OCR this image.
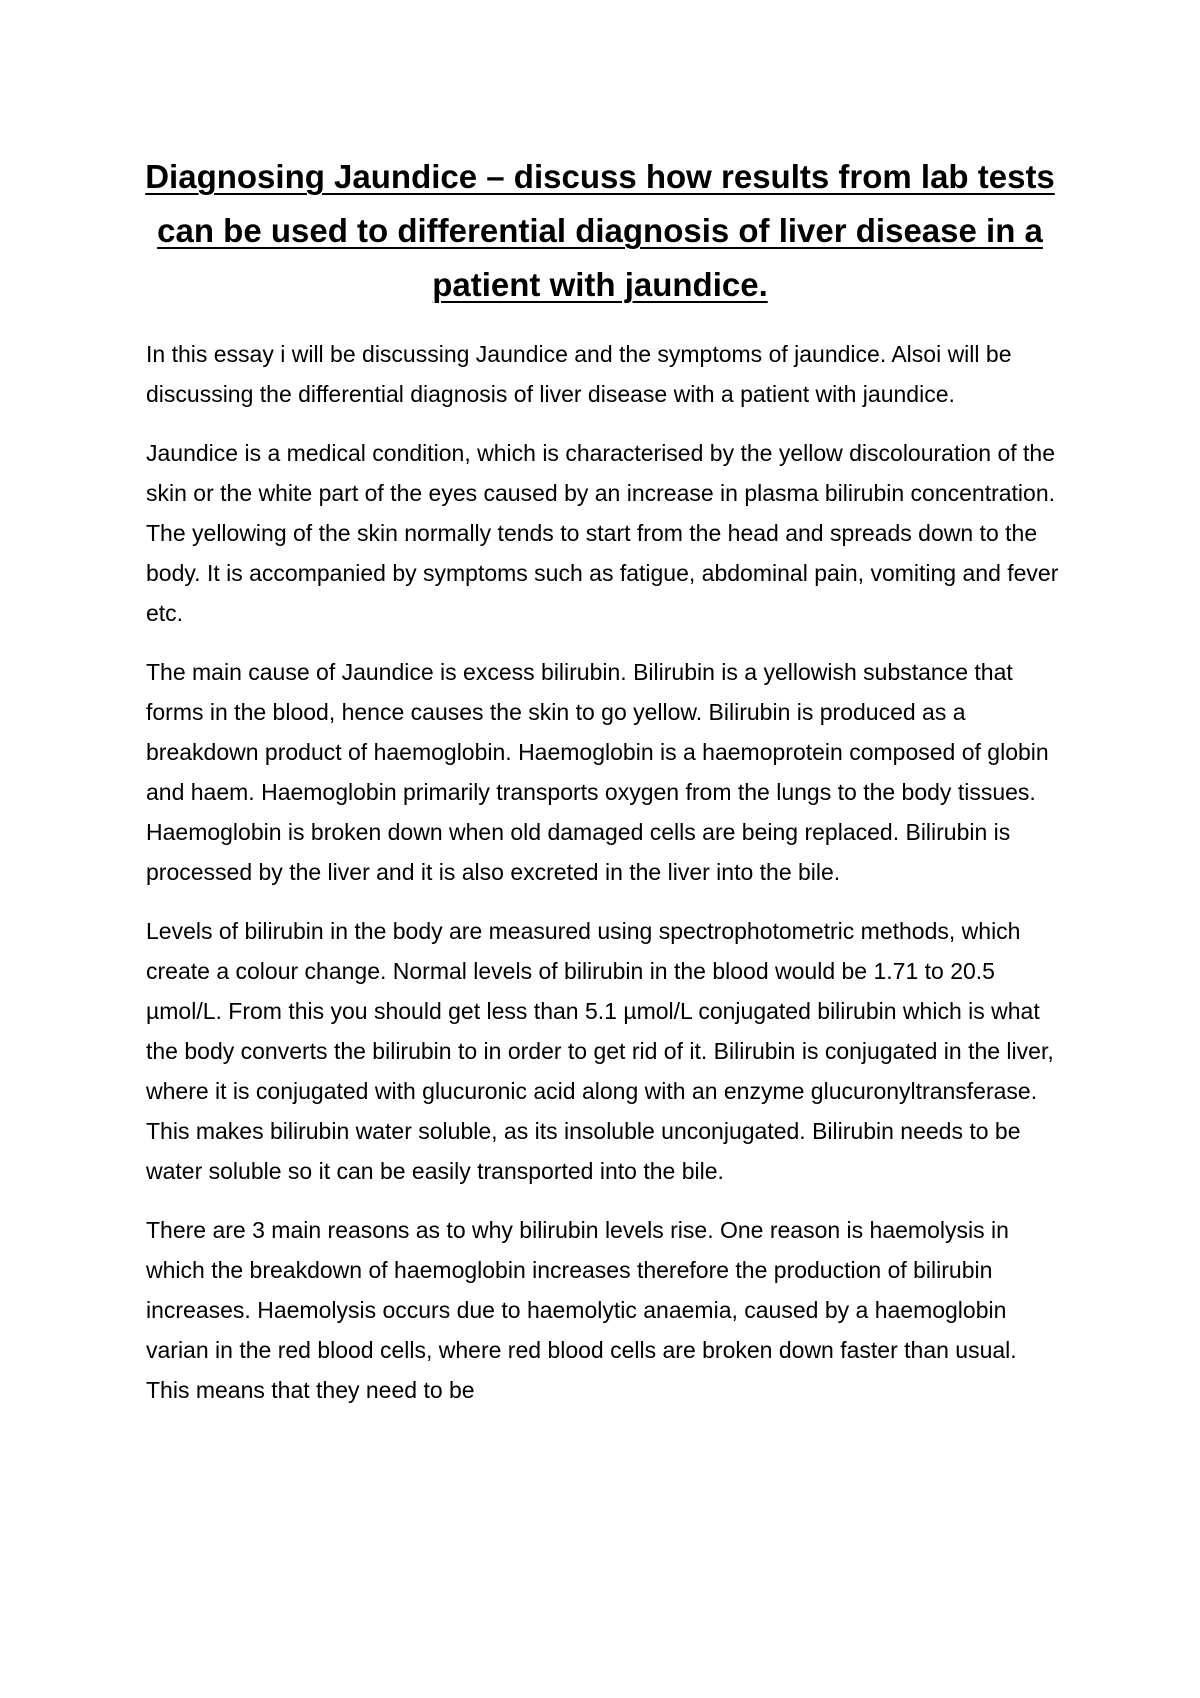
Diagnosing Jaundice – discuss how results from lab tests can be used to differential diagnosis of liver disease in a patient with jaundice.

In this essay i will be discussing Jaundice and the symptoms of jaundice. Alsoi will be discussing the differential diagnosis of liver disease with a patient with jaundice.

Jaundice is a medical condition, which is characterised by the yellow discolouration of the skin or the white part of the eyes caused by an increase in plasma bilirubin concentration. The yellowing of the skin normally tends to start from the head and spreads down to the body. It is accompanied by symptoms such as fatigue, abdominal pain, vomiting and fever etc.

The main cause of Jaundice is excess bilirubin. Bilirubin is a yellowish substance that forms in the blood, hence causes the skin to go yellow. Bilirubin is produced as a breakdown product of haemoglobin. Haemoglobin is a haemoprotein composed of globin and haem. Haemoglobin primarily transports oxygen from the lungs to the body tissues. Haemoglobin is broken down when old damaged cells are being replaced. Bilirubin is processed by the liver and it is also excreted in the liver into the bile.

Levels of bilirubin in the body are measured using spectrophotometric methods, which create a colour change. Normal levels of bilirubin in the blood would be 1.71 to 20.5 µmol/L. From this you should get less than 5.1 µmol/L conjugated bilirubin which is what the body converts the bilirubin to in order to get rid of it. Bilirubin is conjugated in the liver, where it is conjugated with glucuronic acid along with an enzyme glucuronyltransferase. This makes bilirubin water soluble, as its insoluble unconjugated. Bilirubin needs to be water soluble so it can be easily transported into the bile.

There are 3 main reasons as to why bilirubin levels rise. One reason is haemolysis in which the breakdown of haemoglobin increases therefore the production of bilirubin increases. Haemolysis occurs due to haemolytic anaemia, caused by a haemoglobin varian in the red blood cells, where red blood cells are broken down faster than usual. This means that they need to be
